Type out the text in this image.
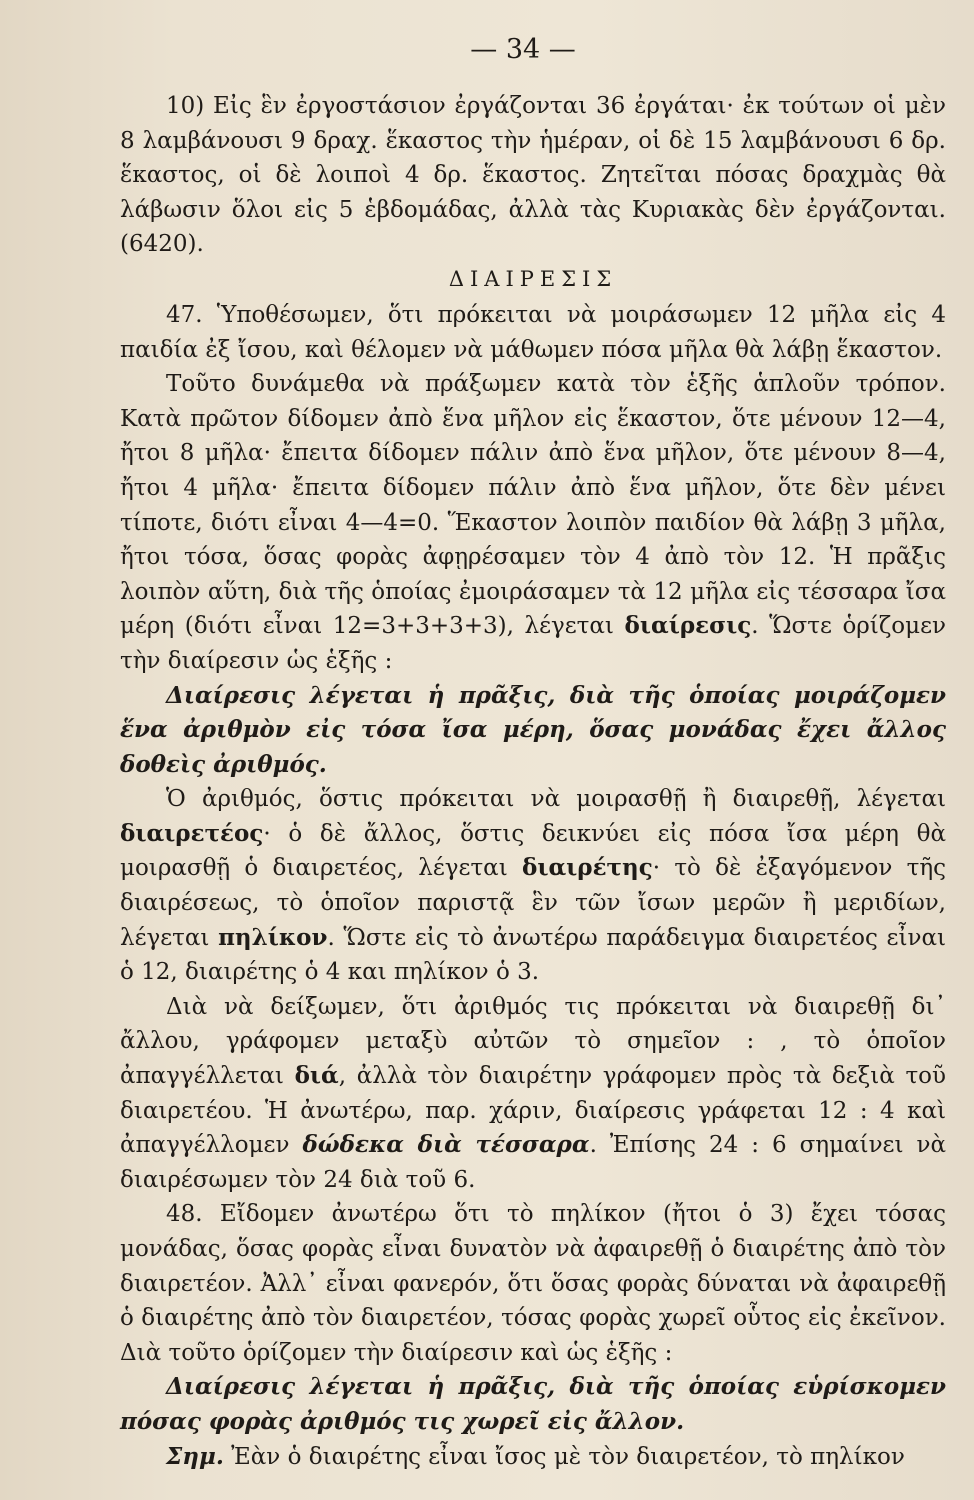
— 34 —

10) Εἰς ἓν ἐργοστάσιον ἐργάζονται 36 ἐργάται· ἐκ τούτων οἱ μὲν 8 λαμβάνουσι 9 δραχ. ἕκαστος τὴν ἡμέραν, οἱ δὲ 15 λαμβάνουσι 6 δρ. ἕκαστος, οἱ δὲ λοιποὶ 4 δρ. ἕκαστος. Ζητεῖται πόσας δραχμὰς θὰ λάβωσιν ὅλοι εἰς 5 ἑβδομάδας, ἀλλὰ τὰς Κυριακὰς δὲν ἐργάζονται. (6420).

ΔΙΑΙΡΕΣΙΣ

47. Ὑποθέσωμεν, ὅτι πρόκειται νὰ μοιράσωμεν 12 μῆλα εἰς 4 παιδία ἐξ ἴσου, καὶ θέλομεν νὰ μάθωμεν πόσα μῆλα θὰ λάβῃ ἕκαστον.

Τοῦτο δυνάμεθα νὰ πράξωμεν κατὰ τὸν ἑξῆς ἁπλοῦν τρόπον. Κατὰ πρῶτον δίδομεν ἀπὸ ἕνα μῆλον εἰς ἕκαστον, ὅτε μένουν 12—4, ἤτοι 8 μῆλα· ἔπειτα δίδομεν πάλιν ἀπὸ ἕνα μῆλον, ὅτε μένουν 8—4, ἤτοι 4 μῆλα· ἔπειτα δίδομεν πάλιν ἀπὸ ἕνα μῆλον, ὅτε δὲν μένει τίποτε, διότι εἶναι 4—4=0. Ἕκαστον λοιπὸν παιδίον θὰ λάβῃ 3 μῆλα, ἤτοι τόσα, ὅσας φορὰς ἀφῃρέσαμεν τὸν 4 ἀπὸ τὸν 12. Ἡ πρᾶξις λοιπὸν αὕτη, διὰ τῆς ὁποίας ἐμοιράσαμεν τὰ 12 μῆλα εἰς τέσσαρα ἴσα μέρη (διότι εἶναι 12=3+3+3+3), λέγεται διαίρεσις. Ὥστε ὁρίζομεν τὴν διαίρεσιν ὡς ἑξῆς :

Διαίρεσις λέγεται ἡ πρᾶξις, διὰ τῆς ὁποίας μοιράζομεν ἕνα ἀριθμὸν εἰς τόσα ἴσα μέρη, ὅσας μονάδας ἔχει ἄλλος δοθεὶς ἀριθμός.

Ὁ ἀριθμός, ὅστις πρόκειται νὰ μοιρασθῇ ἢ διαιρεθῇ, λέγεται διαιρετέος· ὁ δὲ ἄλλος, ὅστις δεικνύει εἰς πόσα ἴσα μέρη θὰ μοιρασθῇ ὁ διαιρετέος, λέγεται διαιρέτης· τὸ δὲ ἐξαγόμενον τῆς διαιρέσεως, τὸ ὁποῖον παριστᾷ ἓν τῶν ἴσων μερῶν ἢ μεριδίων, λέγεται πηλίκον. Ὥστε εἰς τὸ ἀνωτέρω παράδειγμα διαιρετέος εἶναι ὁ 12, διαιρέτης ὁ 4 και πηλίκον ὁ 3.

Διὰ νὰ δείξωμεν, ὅτι ἀριθμός τις πρόκειται νὰ διαιρεθῇ δι᾿ ἄλλου, γράφομεν μεταξὺ αὐτῶν τὸ σημεῖον : , τὸ ὁποῖον ἀπαγγέλλεται διά, ἀλλὰ τὸν διαιρέτην γράφομεν πρὸς τὰ δεξιὰ τοῦ διαιρετέου. Ἡ ἀνωτέρω, παρ. χάριν, διαίρεσις γράφεται 12 : 4 καὶ ἀπαγγέλλομεν δώδεκα διὰ τέσσαρα. Ἐπίσης 24 : 6 σημαίνει νὰ διαιρέσωμεν τὸν 24 διὰ τοῦ 6.

48. Εἴδομεν ἀνωτέρω ὅτι τὸ πηλίκον (ἤτοι ὁ 3) ἔχει τόσας μονάδας, ὅσας φορὰς εἶναι δυνατὸν νὰ ἀφαιρεθῇ ὁ διαιρέτης ἀπὸ τὸν διαιρετέον. Ἀλλ᾿ εἶναι φανερόν, ὅτι ὅσας φορὰς δύναται νὰ ἀφαιρεθῇ ὁ διαιρέτης ἀπὸ τὸν διαιρετέον, τόσας φορὰς χωρεῖ οὗτος εἰς ἐκεῖνον. Διὰ τοῦτο ὁρίζομεν τὴν διαίρεσιν καὶ ὡς ἑξῆς :

Διαίρεσις λέγεται ἡ πρᾶξις, διὰ τῆς ὁποίας εὑρίσκομεν πόσας φορὰς ἀριθμός τις χωρεῖ εἰς ἄλλον.

Σημ. Ἐὰν ὁ διαιρέτης εἶναι ἴσος μὲ τὸν διαιρετέον, τὸ πηλίκον
